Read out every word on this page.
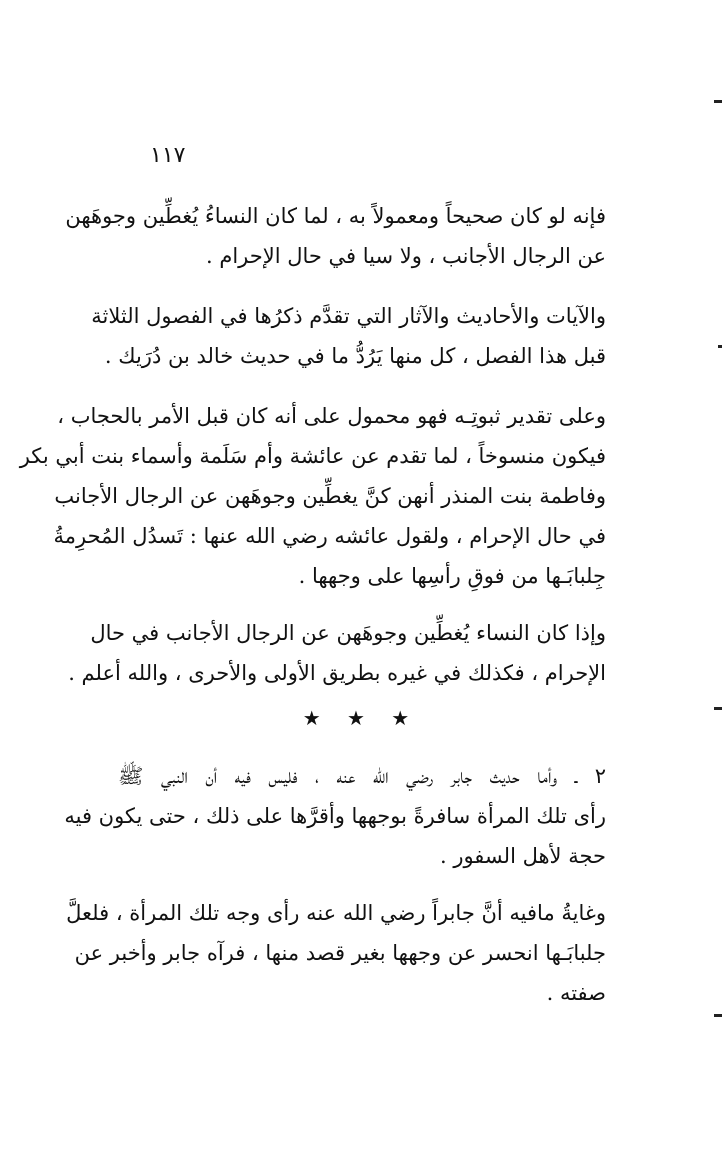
١١٧
فإنه لو كان صحيحاً ومعمولاً به ، لما كان النساءُ يُغطِّين وجوهَهن
عن الرجال الأجانب ، ولا سيا في حال الإحرام .
والآيات والأحاديث والآثار التي تقدَّم ذكرُها في الفصول الثلاثة
قبل هذا الفصل ، كل منها يَرُدُّ ما في حديث خالد بن دُرَيك .
وعلى تقدير ثبوتِـه فهو محمول على أنه كان قبل الأمر بالحجاب ،
فيكون منسوخاً ، لما تقدم عن عائشة وأم سَلَمة وأسماء بنت أبي بكر
وفاطمة بنت المنذر أنهن كنَّ يغطِّين وجوهَهن عن الرجال الأجانب
في حال الإحرام ، ولقول عائشه رضي الله عنها : تَسدُل المُحرِمةُ
جِلبابَـها من فوقِ رأسِها على وجهها .
وإذا كان النساء يُغطِّين وجوهَهن عن الرجال الأجانب في حال
الإحرام ، فكذلك في غيره بطريق الأولى والأحرى ، والله أعلم .
★ ★ ★
٢ ـ وأما حديث جابر رضي الله عنه ، فليس فيه أن النبي ﷺ
رأى تلك المرأة سافرةً بوجهها وأقرَّها على ذلك ، حتى يكون فيه
حجة لأهل السفور .
وغايةُ مافيه أنَّ جابراً رضي الله عنه رأى وجه تلك المرأة ، فلعلَّ
جلبابَـها انحسر عن وجهها بغير قصد منها ، فرآه جابر وأخبر عن
صفته .
